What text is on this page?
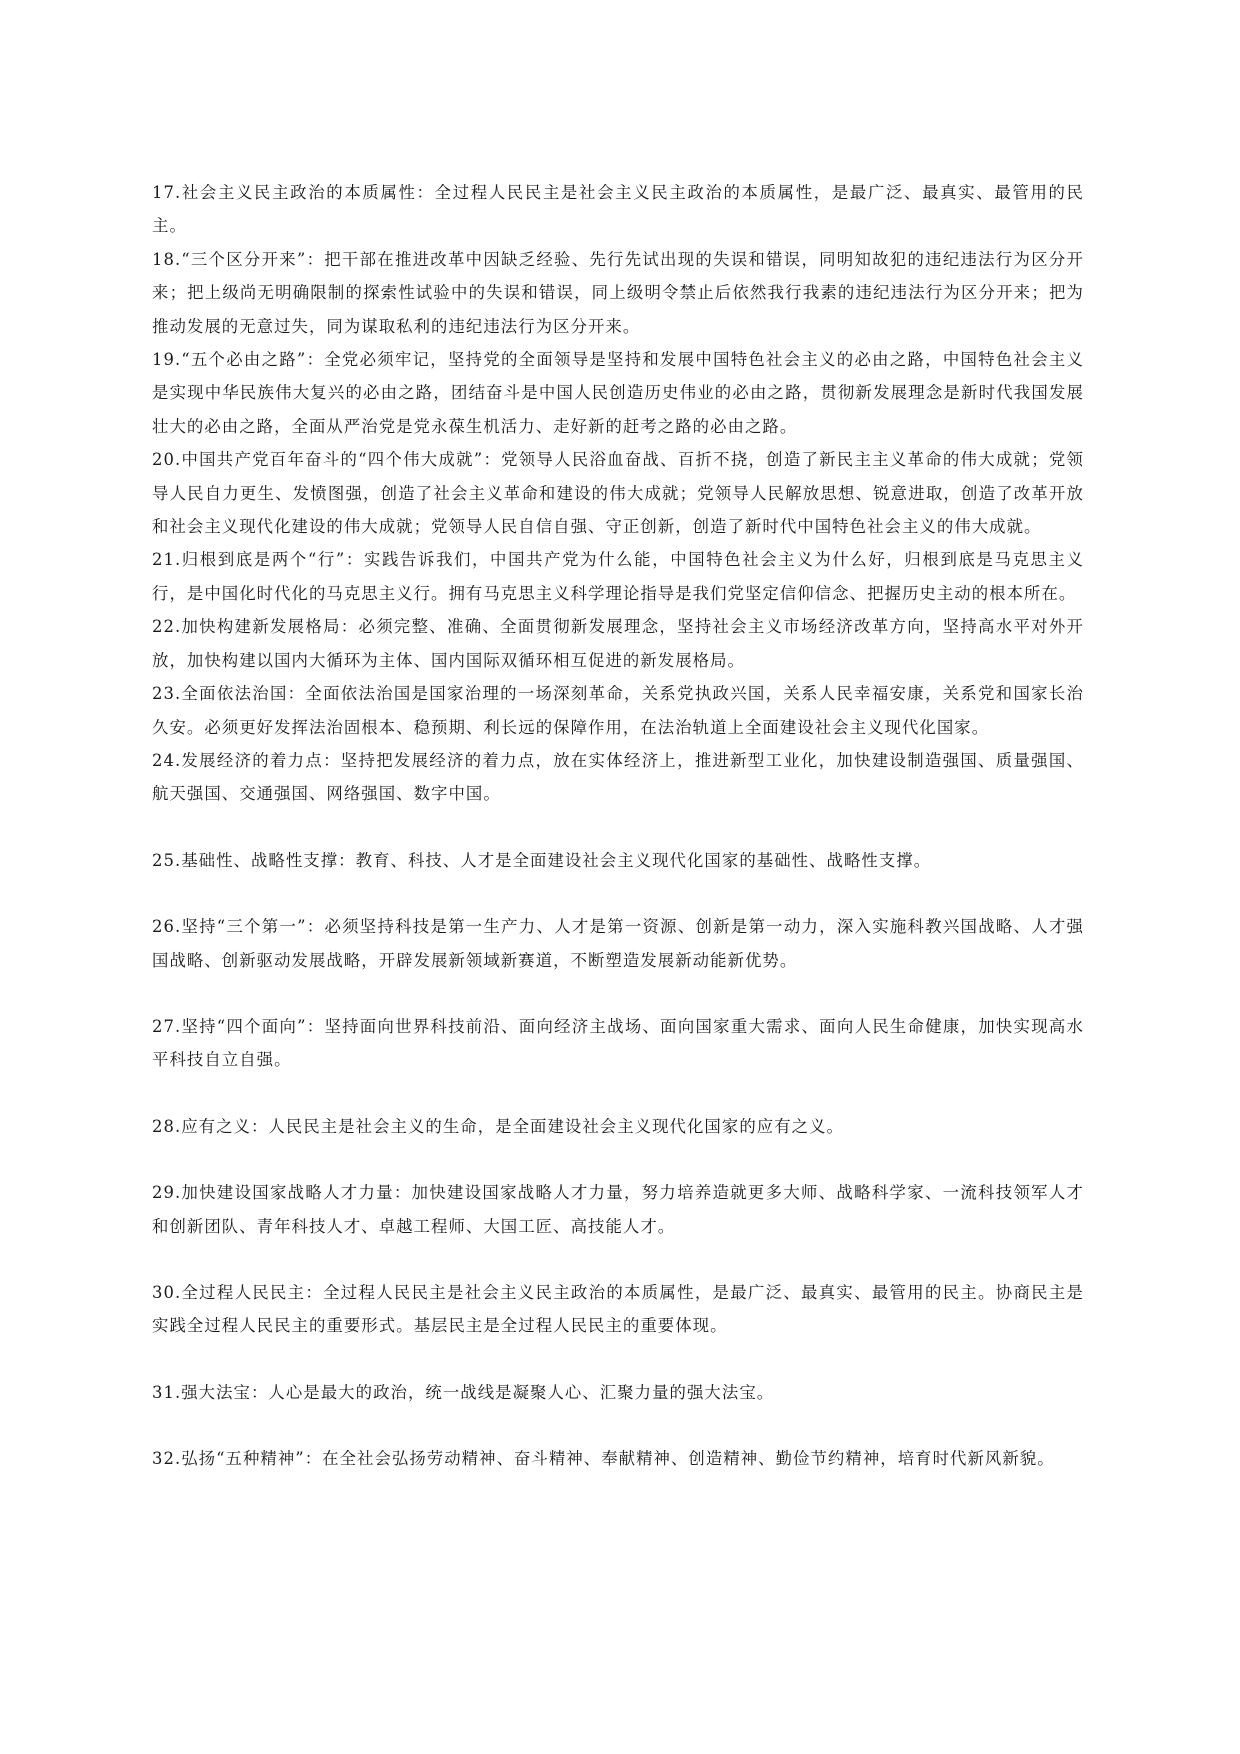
17.社会主义民主政治的本质属性：全过程人民民主是社会主义民主政治的本质属性，是最广泛、最真实、最管用的民主。

18.“三个区分开来”：把干部在推进改革中因缺乏经验、先行先试出现的失误和错误，同明知故犯的违纪违法行为区分开来；把上级尚无明确限制的探索性试验中的失误和错误，同上级明令禁止后依然我行我素的违纪违法行为区分开来；把为推动发展的无意过失，同为谋取私利的违纪违法行为区分开来。

19.“五个必由之路”：全党必须牢记，坚持党的全面领导是坚持和发展中国特色社会主义的必由之路，中国特色社会主义是实现中华民族伟大复兴的必由之路，团结奋斗是中国人民创造历史伟业的必由之路，贯彻新发展理念是新时代我国发展壮大的必由之路，全面从严治党是党永葆生机活力、走好新的赶考之路的必由之路。

20.中国共产党百年奋斗的“四个伟大成就”：党领导人民浴血奋战、百折不挠，创造了新民主主义革命的伟大成就；党领导人民自力更生、发愤图强，创造了社会主义革命和建设的伟大成就；党领导人民解放思想、锐意进取，创造了改革开放和社会主义现代化建设的伟大成就；党领导人民自信自强、守正创新，创造了新时代中国特色社会主义的伟大成就。

21.归根到底是两个“行”：实践告诉我们，中国共产党为什么能，中国特色社会主义为什么好，归根到底是马克思主义行，是中国化时代化的马克思主义行。拥有马克思主义科学理论指导是我们党坚定信仰信念、把握历史主动的根本所在。

22.加快构建新发展格局：必须完整、准确、全面贯彻新发展理念，坚持社会主义市场经济改革方向，坚持高水平对外开放，加快构建以国内大循环为主体、国内国际双循环相互促进的新发展格局。

23.全面依法治国：全面依法治国是国家治理的一场深刻革命，关系党执政兴国，关系人民幸福安康，关系党和国家长治久安。必须更好发挥法治固根本、稳预期、利长远的保障作用，在法治轨道上全面建设社会主义现代化国家。

24.发展经济的着力点：坚持把发展经济的着力点，放在实体经济上，推进新型工业化，加快建设制造强国、质量强国、航天强国、交通强国、网络强国、数字中国。

25.基础性、战略性支撑：教育、科技、人才是全面建设社会主义现代化国家的基础性、战略性支撑。

26.坚持“三个第一”：必须坚持科技是第一生产力、人才是第一资源、创新是第一动力，深入实施科教兴国战略、人才强国战略、创新驱动发展战略，开辟发展新领域新赛道，不断塑造发展新动能新优势。

27.坚持“四个面向”：坚持面向世界科技前沿、面向经济主战场、面向国家重大需求、面向人民生命健康，加快实现高水平科技自立自强。

28.应有之义：人民民主是社会主义的生命，是全面建设社会主义现代化国家的应有之义。

29.加快建设国家战略人才力量：加快建设国家战略人才力量，努力培养造就更多大师、战略科学家、一流科技领军人才和创新团队、青年科技人才、卓越工程师、大国工匠、高技能人才。

30.全过程人民民主：全过程人民民主是社会主义民主政治的本质属性，是最广泛、最真实、最管用的民主。协商民主是实践全过程人民民主的重要形式。基层民主是全过程人民民主的重要体现。

31.强大法宝：人心是最大的政治，统一战线是凝聚人心、汇聚力量的强大法宝。

32.弘扬“五种精神”：在全社会弘扬劳动精神、奋斗精神、奉献精神、创造精神、勤俭节约精神，培育时代新风新貌。
